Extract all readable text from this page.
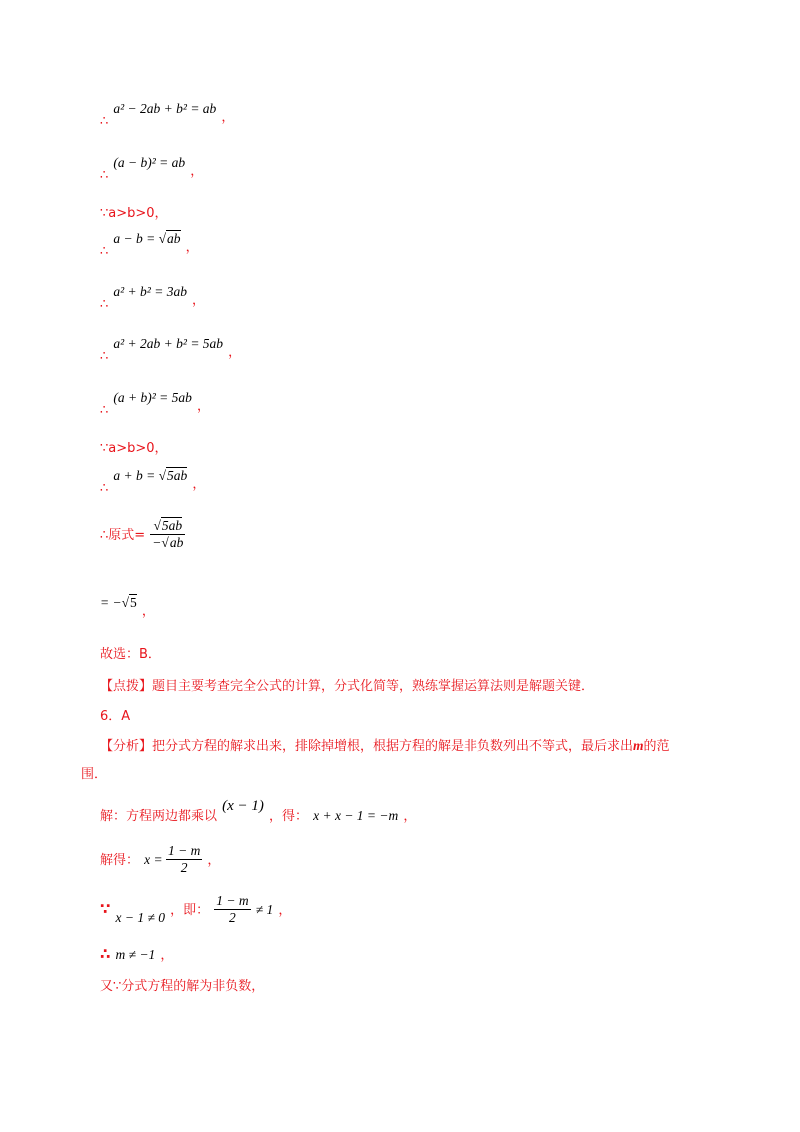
$_\therefore$ a² − 2ab + b² = ab $_,$
$_\therefore$ (a − b)² = ab $_,$
∵a>b>0，
$_\therefore$ a − b = √ab $_,$
$_\therefore$ a² + b² = 3ab $_,$
$_\therefore$ a² + 2ab + b² = 5ab $_,$
$_\therefore$ (a + b)² = 5ab $_,$
∵a>b>0，
$_\therefore$ a + b = √5ab $_,$
∴原式= $\frac{√5ab}{-√ab}$
= −√5 $_,$
故选：B．
【点拨】题目主要考查完全公式的计算，分式化简等，熟练掌握运算法则是解题关键．
6．A
【分析】把分式方程的解求出来，排除掉增根，根据方程的解是非负数列出不等式，最后求出m的范
围．
$_{解:方程两边都乘以}$ (x − 1) $_{,得:}$ $_{x + x - 1 = -m}$ $_,$
解得： $x = \frac{1 - m}{2}$ ，
∵ $_{x - 1 \ne 0}$ ，即： $\frac{1 - m}{2} \ne 1$ ，
∴ m ≠ −1 ，
又∵分式方程的解为非负数，
